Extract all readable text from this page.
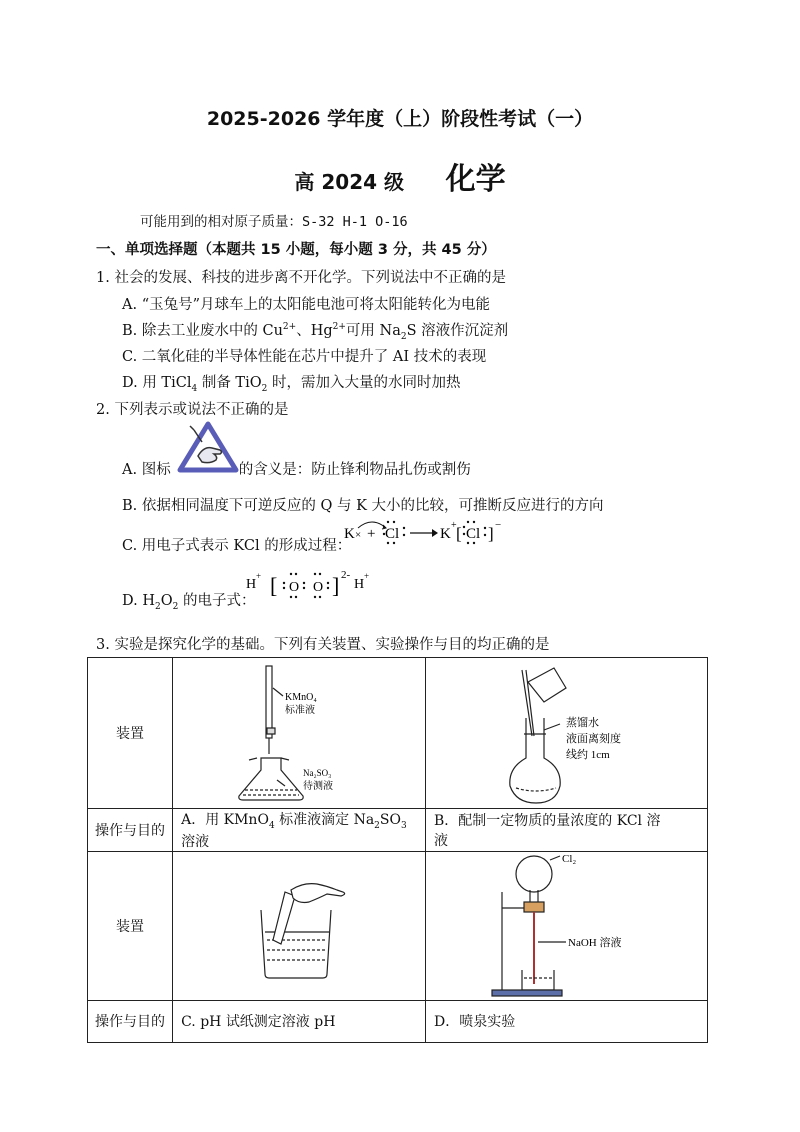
2025-2026 学年度（上）阶段性考试（一）
高 2024 级 化学
可能用到的相对原子质量：S-32 H-1 O-16
一、单项选择题（本题共 15 小题，每小题 3 分，共 45 分）
1. 社会的发展、科技的进步离不开化学。下列说法中不正确的是
A. “玉兔号”月球车上的太阳能电池可将太阳能转化为电能
B. 除去工业废水中的 $Cu^{2+}$、$Hg^{2+}$可用 $Na_2S$ 溶液作沉淀剂
C. 二氧化硅的半导体性能在芯片中提升了 AI 技术的表现
D. 用 TiCl$_4$ 制备 TiO$_2$ 时，需加入大量的水同时加热
2. 下列表示或说法不正确的是
A. 图标	的含义是：防止锋利物品扎伤或割伤
B. 依据相同温度下可逆反应的 Q 与 K 大小的比较，可推断反应进行的方向
C. 用电子式表示 KCl 的形成过程：
K × + Cl	K
+ [ Cl ] −
D. $H_2O_2$ 的电子式：
H
+ [ O O ] 2-
H
+
3. 实验是探究化学的基础。下列有关装置、实验操作与目的均正确的是
装置	KMnO₄
标准液
Na₂SO₃
待测液	蒸馏水
液面离刻度
线约 1cm

操作与目的	A．用 KMnO$_4$ 标准液滴定 $Na_2SO_3$ 溶液	B．配制一定物质的量浓度的 KCl 溶
液

装置		Cl₂
NaOH 溶液

操作与目的	C. pH 试纸测定溶液 pH	D．喷泉实验
